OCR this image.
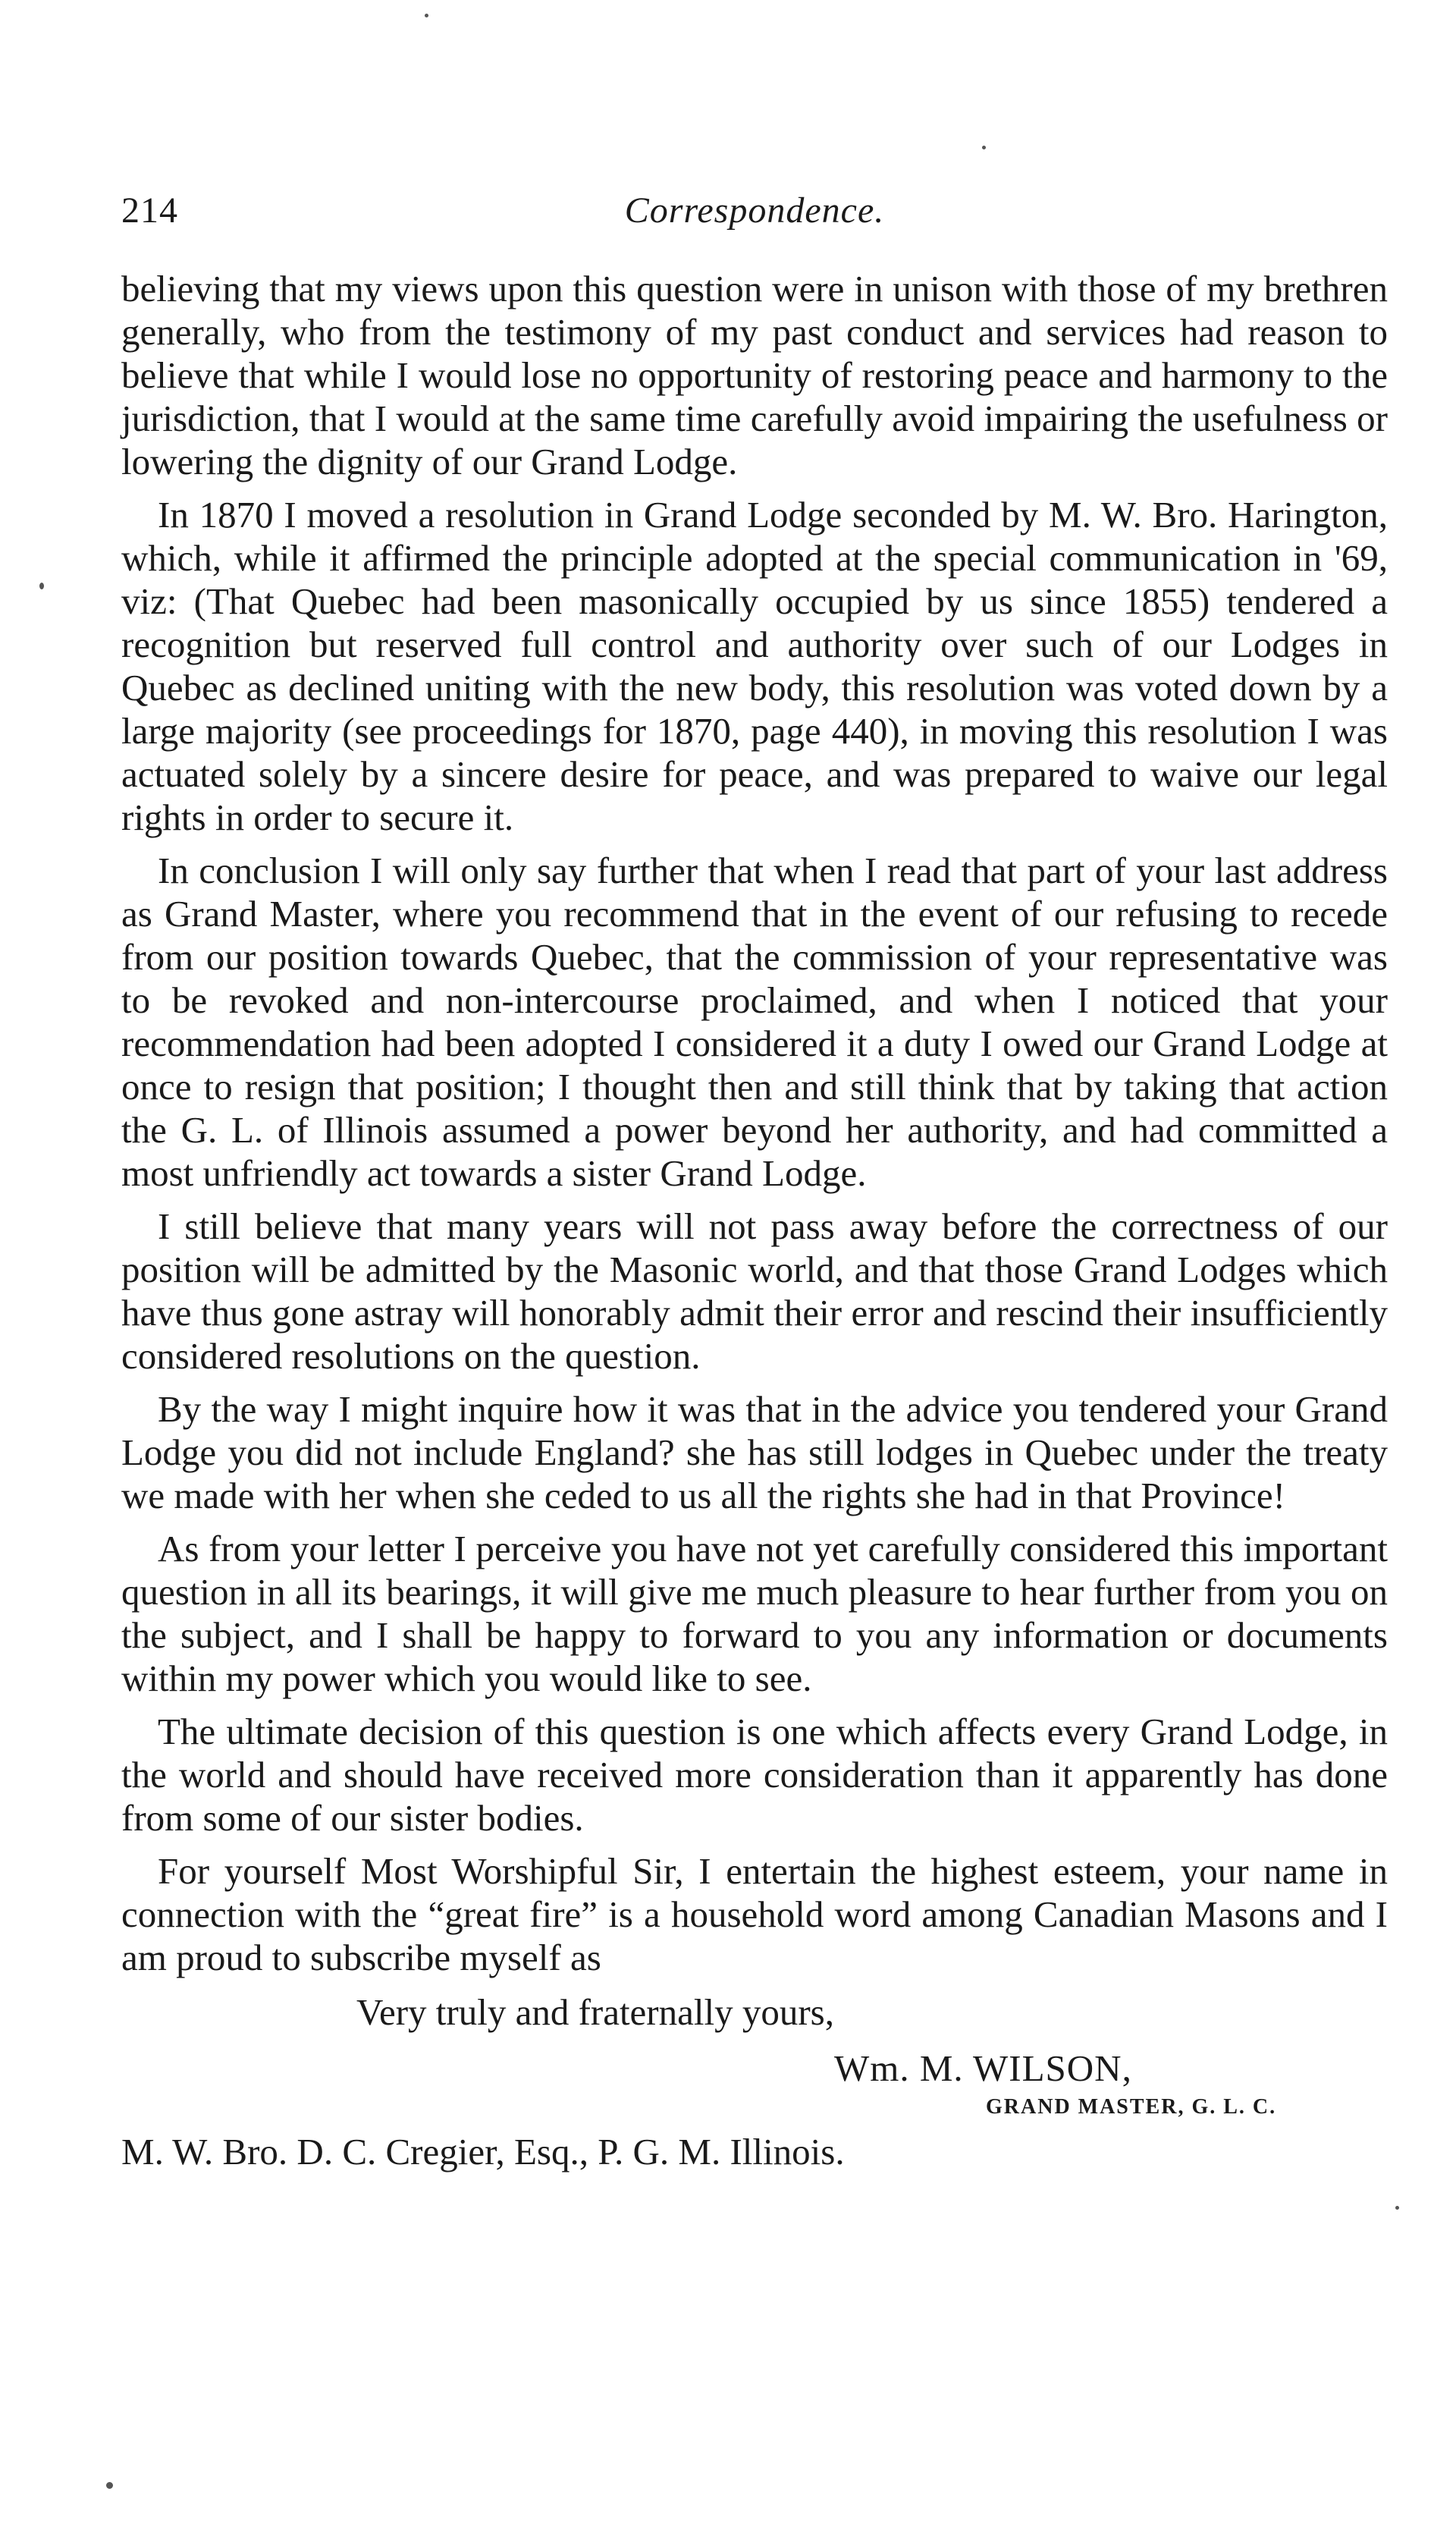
214	Correspondence.

believing that my views upon this question were in unison with those of my brethren generally, who from the testimony of my past conduct and services had reason to believe that while I would lose no opportunity of restoring peace and harmony to the jurisdiction, that I would at the same time carefully avoid impairing the usefulness or lowering the dignity of our Grand Lodge.

In 1870 I moved a resolution in Grand Lodge seconded by M. W. Bro. Harington, which, while it affirmed the principle adopted at the special communication in '69, viz: (That Quebec had been masonically occupied by us since 1855) tendered a recognition but reserved full control and authority over such of our Lodges in Quebec as declined uniting with the new body, this resolution was voted down by a large majority (see proceedings for 1870, page 440), in moving this resolution I was actuated solely by a sincere desire for peace, and was prepared to waive our legal rights in order to secure it.

In conclusion I will only say further that when I read that part of your last address as Grand Master, where you recommend that in the event of our refusing to recede from our position towards Quebec, that the commission of your representative was to be revoked and non-intercourse proclaimed, and when I noticed that your recommendation had been adopted I considered it a duty I owed our Grand Lodge at once to resign that position; I thought then and still think that by taking that action the G. L. of Illinois assumed a power beyond her authority, and had committed a most unfriendly act towards a sister Grand Lodge.

I still believe that many years will not pass away before the correctness of our position will be admitted by the Masonic world, and that those Grand Lodges which have thus gone astray will honorably admit their error and rescind their insufficiently considered resolutions on the question.

By the way I might inquire how it was that in the advice you tendered your Grand Lodge you did not include England? she has still lodges in Quebec under the treaty we made with her when she ceded to us all the rights she had in that Province!

As from your letter I perceive you have not yet carefully considered this important question in all its bearings, it will give me much pleasure to hear further from you on the subject, and I shall be happy to forward to you any information or documents within my power which you would like to see.

The ultimate decision of this question is one which affects every Grand Lodge, in the world and should have received more consideration than it apparently has done from some of our sister bodies.

For yourself Most Worshipful Sir, I entertain the highest esteem, your name in connection with the “great fire” is a household word among Canadian Masons and I am proud to subscribe myself as

Very truly and fraternally yours,

Wm. M. WILSON,

GRAND MASTER, G. L. C.

M. W. Bro. D. C. Cregier, Esq., P. G. M. Illinois.
